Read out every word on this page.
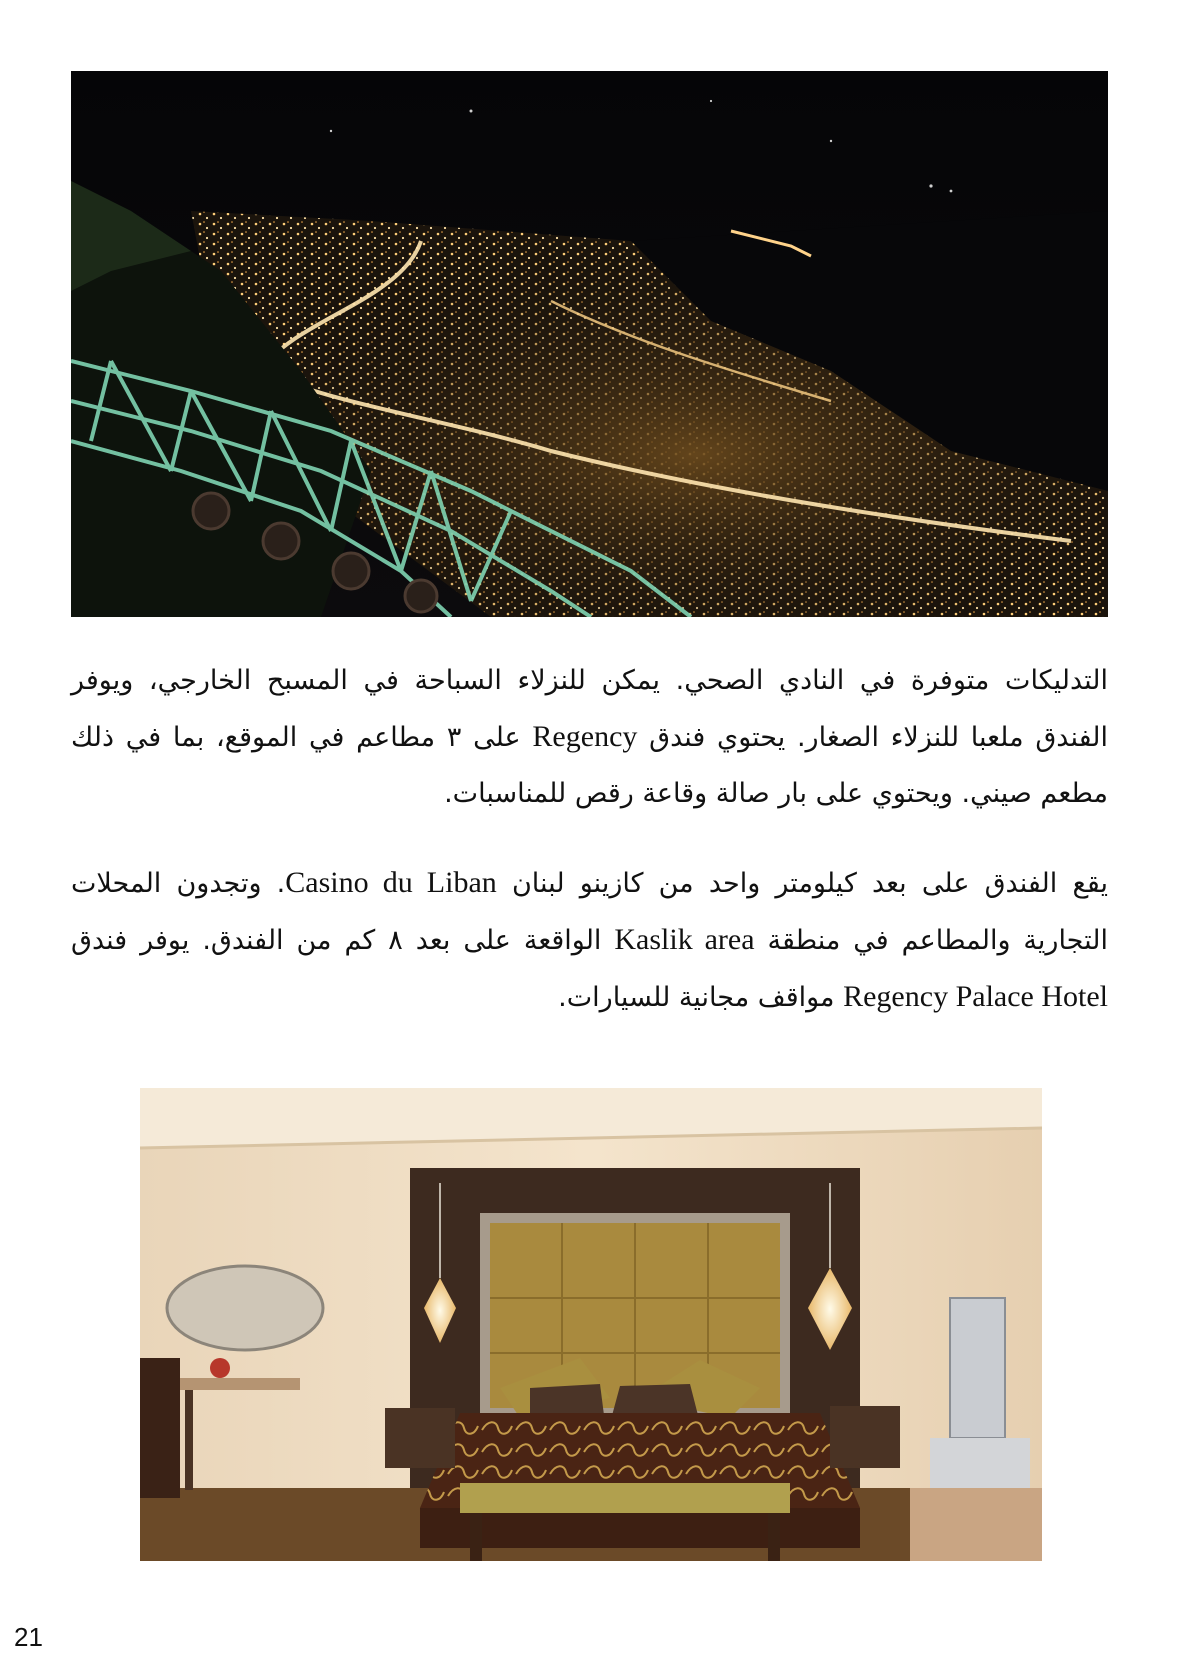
التدليكات متوفرة في النادي الصحي. يمكن للنزلاء السباحة في المسبح الخارجي، ويوفر الفندق ملعبا للنزلاء الصغار. يحتوي فندق Regency على ٣ مطاعم في الموقع، بما في ذلك مطعم صيني. ويحتوي على بار صالة وقاعة رقص للمناسبات.

يقع الفندق على بعد كيلومتر واحد من كازينو لبنان Casino du Liban. وتجدون المحلات التجارية والمطاعم في منطقة Kaslik area الواقعة على بعد ٨ كم من الفندق. يوفر فندق Regency Palace Hotel مواقف مجانية للسيارات.

21
